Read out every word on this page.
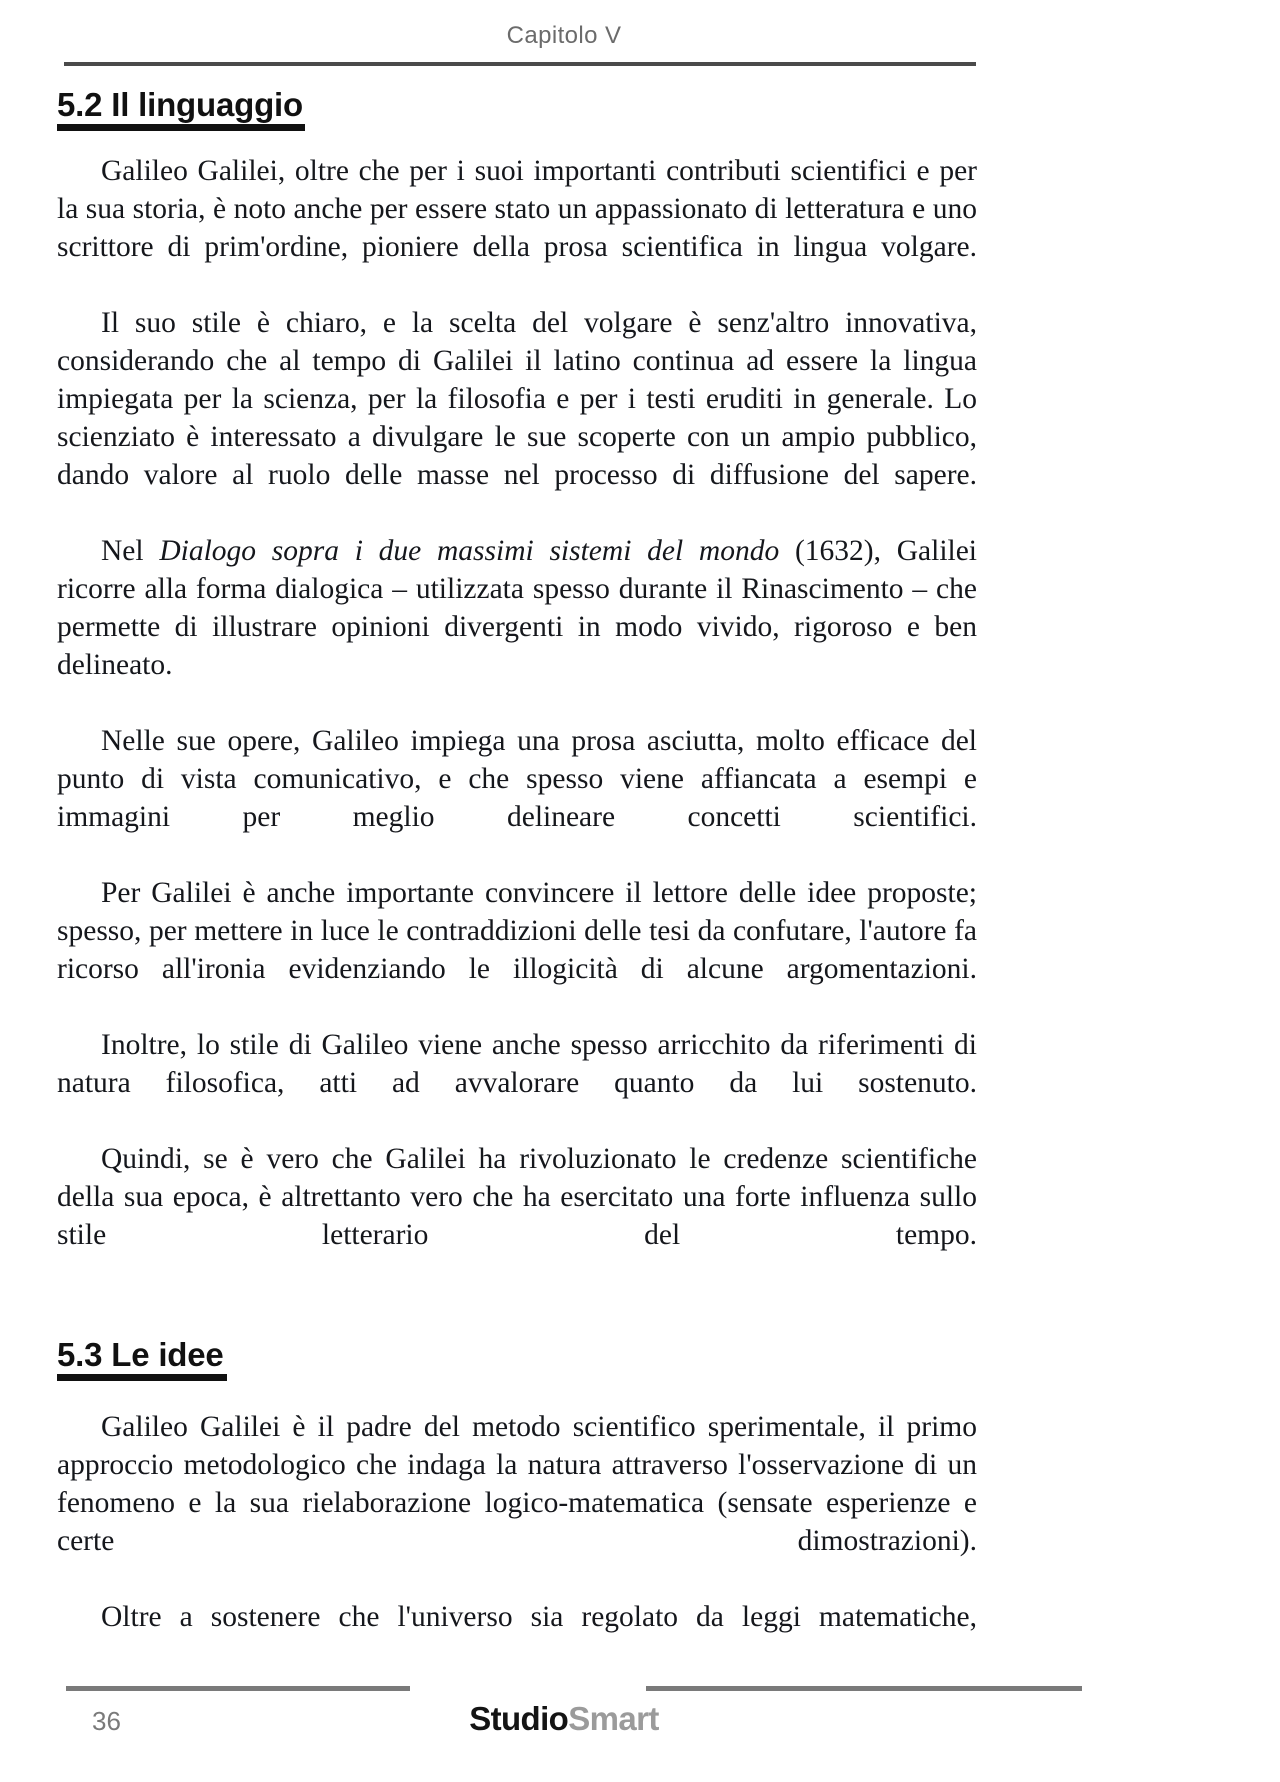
Capitolo V
5.2 Il linguaggio

Galileo Galilei, oltre che per i suoi importanti contributi scientifici e per la sua storia, è noto anche per essere stato un appassionato di letteratura e uno scrittore di prim'ordine, pioniere della prosa scientifica in lingua volgare.

Il suo stile è chiaro, e la scelta del volgare è senz'altro innovativa, considerando che al tempo di Galilei il latino continua ad essere la lingua impiegata per la scienza, per la filosofia e per i testi eruditi in generale. Lo scienziato è interessato a divulgare le sue scoperte con un ampio pubblico, dando valore al ruolo delle masse nel processo di diffusione del sapere.

Nel Dialogo sopra i due massimi sistemi del mondo (1632), Galilei ricorre alla forma dialogica – utilizzata spesso durante il Rinascimento – che permette di illustrare opinioni divergenti in modo vivido, rigoroso e ben delineato.

Nelle sue opere, Galileo impiega una prosa asciutta, molto efficace del punto di vista comunicativo, e che spesso viene affiancata a esempi e immagini per meglio delineare concetti scientifici.

Per Galilei è anche importante convincere il lettore delle idee proposte; spesso, per mettere in luce le contraddizioni delle tesi da confutare, l'autore fa ricorso all'ironia evidenziando le illogicità di alcune argomentazioni.

Inoltre, lo stile di Galileo viene anche spesso arricchito da riferimenti di natura filosofica, atti ad avvalorare quanto da lui sostenuto.

Quindi, se è vero che Galilei ha rivoluzionato le credenze scientifiche della sua epoca, è altrettanto vero che ha esercitato una forte influenza sullo stile letterario del tempo.

5.3 Le idee

Galileo Galilei è il padre del metodo scientifico sperimentale, il primo approccio metodologico che indaga la natura attraverso l'osservazione di un fenomeno e la sua rielaborazione logico-matematica (sensate esperienze e certe dimostrazioni).

Oltre a sostenere che l'universo sia regolato da leggi matematiche,

36	StudioSmart
